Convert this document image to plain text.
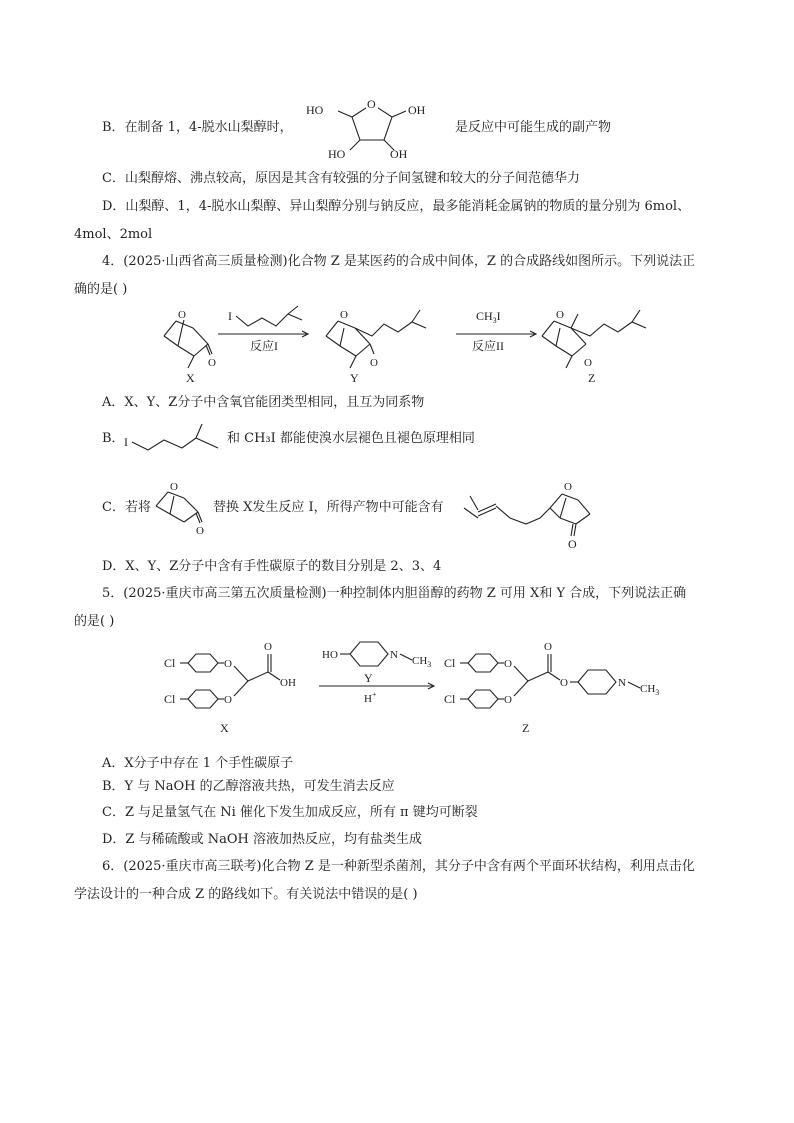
B．在制备 1，4-脱水山梨醇时，
O
HO	OH
HO	OH
是反应中可能生成的副产物
C．山梨醇熔、沸点较高，原因是其含有较强的分子间氢键和较大的分子间范德华力
D．山梨醇、1，4-脱水山梨醇、异山梨醇分别与钠反应，最多能消耗金属钠的物质的量分别为 6mol、
4mol、2mol
4．(2025·山西省高三质量检测)化合物 Z 是某医药的合成中间体，Z 的合成路线如图所示。下列说法正
确的是( )
O
O
X
I
反应I
O
O
Y
$CH_3I$
反应II
O
O
Z
A．X、Y、Z分子中含氧官能团类型相同，且互为同系物
B． I	和 CH₃I 都能使溴水层褪色且褪色原理相同
C．若将
O
O
替换 X发生反应 I，所得产物中可能含有
O
O
D．X、Y、Z分子中含有手性碳原子的数目分别是 2、3、4
5．(2025·重庆市高三第五次质量检测)一种控制体内胆甾醇的药物 Z 可用 X和 Y 合成，下列说法正确
的是( )
Cl	O
Cl	O
O
OH
X
HO	N $CH_3$
Y
H+
Cl	O
Cl	O
O
O	N $CH_3$
Z
A．X分子中存在 1 个手性碳原子
B．Y 与 NaOH 的乙醇溶液共热，可发生消去反应
C．Z 与足量氢气在 Ni 催化下发生加成反应，所有 π 键均可断裂
D．Z 与稀硫酸或 NaOH 溶液加热反应，均有盐类生成
6．(2025·重庆市高三联考)化合物 Z 是一种新型杀菌剂，其分子中含有两个平面环状结构，利用点击化
学法设计的一种合成 Z 的路线如下。有关说法中错误的是( )
